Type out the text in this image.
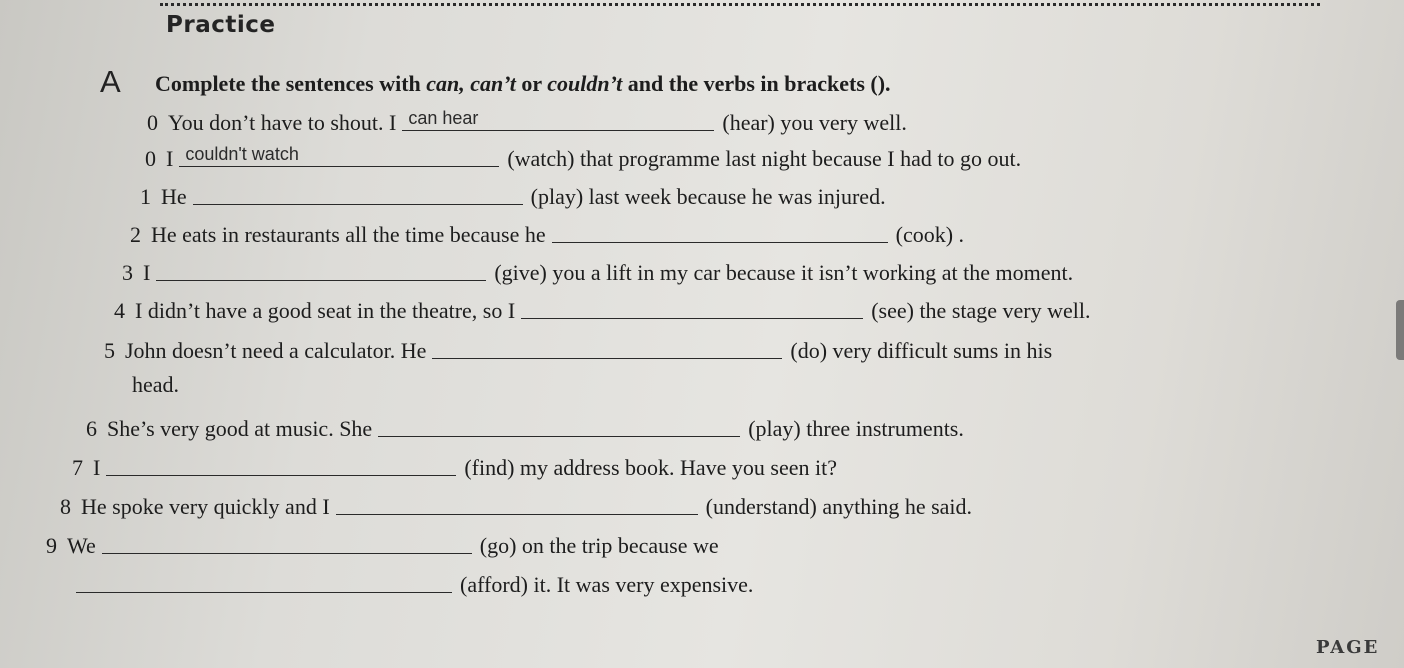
Practice
A Complete the sentences with can, can’t or couldn’t and the verbs in brackets ().
0 You don’t have to shout. I can hear	(hear) you very well.
0 I couldn't watch	(watch) that programme last night because I had to go out.
1 He	(play) last week because he was injured.
2 He eats in restaurants all the time because he	(cook) .
3 I	(give) you a lift in my car because it isn’t working at the moment.
4 I didn’t have a good seat in the theatre, so I	(see) the stage very well.
5 John doesn’t need a calculator. He	(do) very difficult sums in his
head.
6 She’s very good at music. She	(play) three instruments.
7 I	(find) my address book. Have you seen it?
8 He spoke very quickly and I	(understand) anything he said.
9 We	(go) on the trip because we
(afford) it. It was very expensive.
PAGE
